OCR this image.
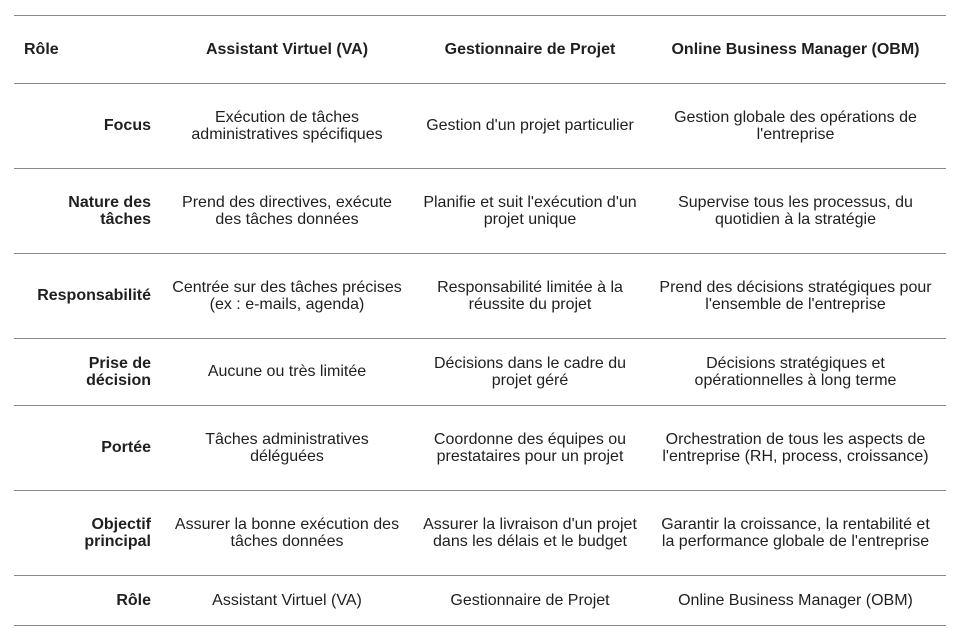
Rôle	Assistant Virtuel (VA)	Gestionnaire de Projet	Online Business Manager (OBM)
Focus	Exécution de tâches administratives spécifiques	Gestion d'un projet particulier	Gestion globale des opérations de l'entreprise
Nature des tâches	Prend des directives, exécute des tâches données	Planifie et suit l'exécution d'un projet unique	Supervise tous les processus, du quotidien à la stratégie
Responsabilité	Centrée sur des tâches précises (ex : e-mails, agenda)	Responsabilité limitée à la réussite du projet	Prend des décisions stratégiques pour l'ensemble de l'entreprise
Prise de décision	Aucune ou très limitée	Décisions dans le cadre du projet géré	Décisions stratégiques et opérationnelles à long terme
Portée	Tâches administratives déléguées	Coordonne des équipes ou prestataires pour un projet	Orchestration de tous les aspects de l'entreprise (RH, process, croissance)
Objectif principal	Assurer la bonne exécution des tâches données	Assurer la livraison d'un projet dans les délais et le budget	Garantir la croissance, la rentabilité et la performance globale de l'entreprise
Rôle	Assistant Virtuel (VA)	Gestionnaire de Projet	Online Business Manager (OBM)
